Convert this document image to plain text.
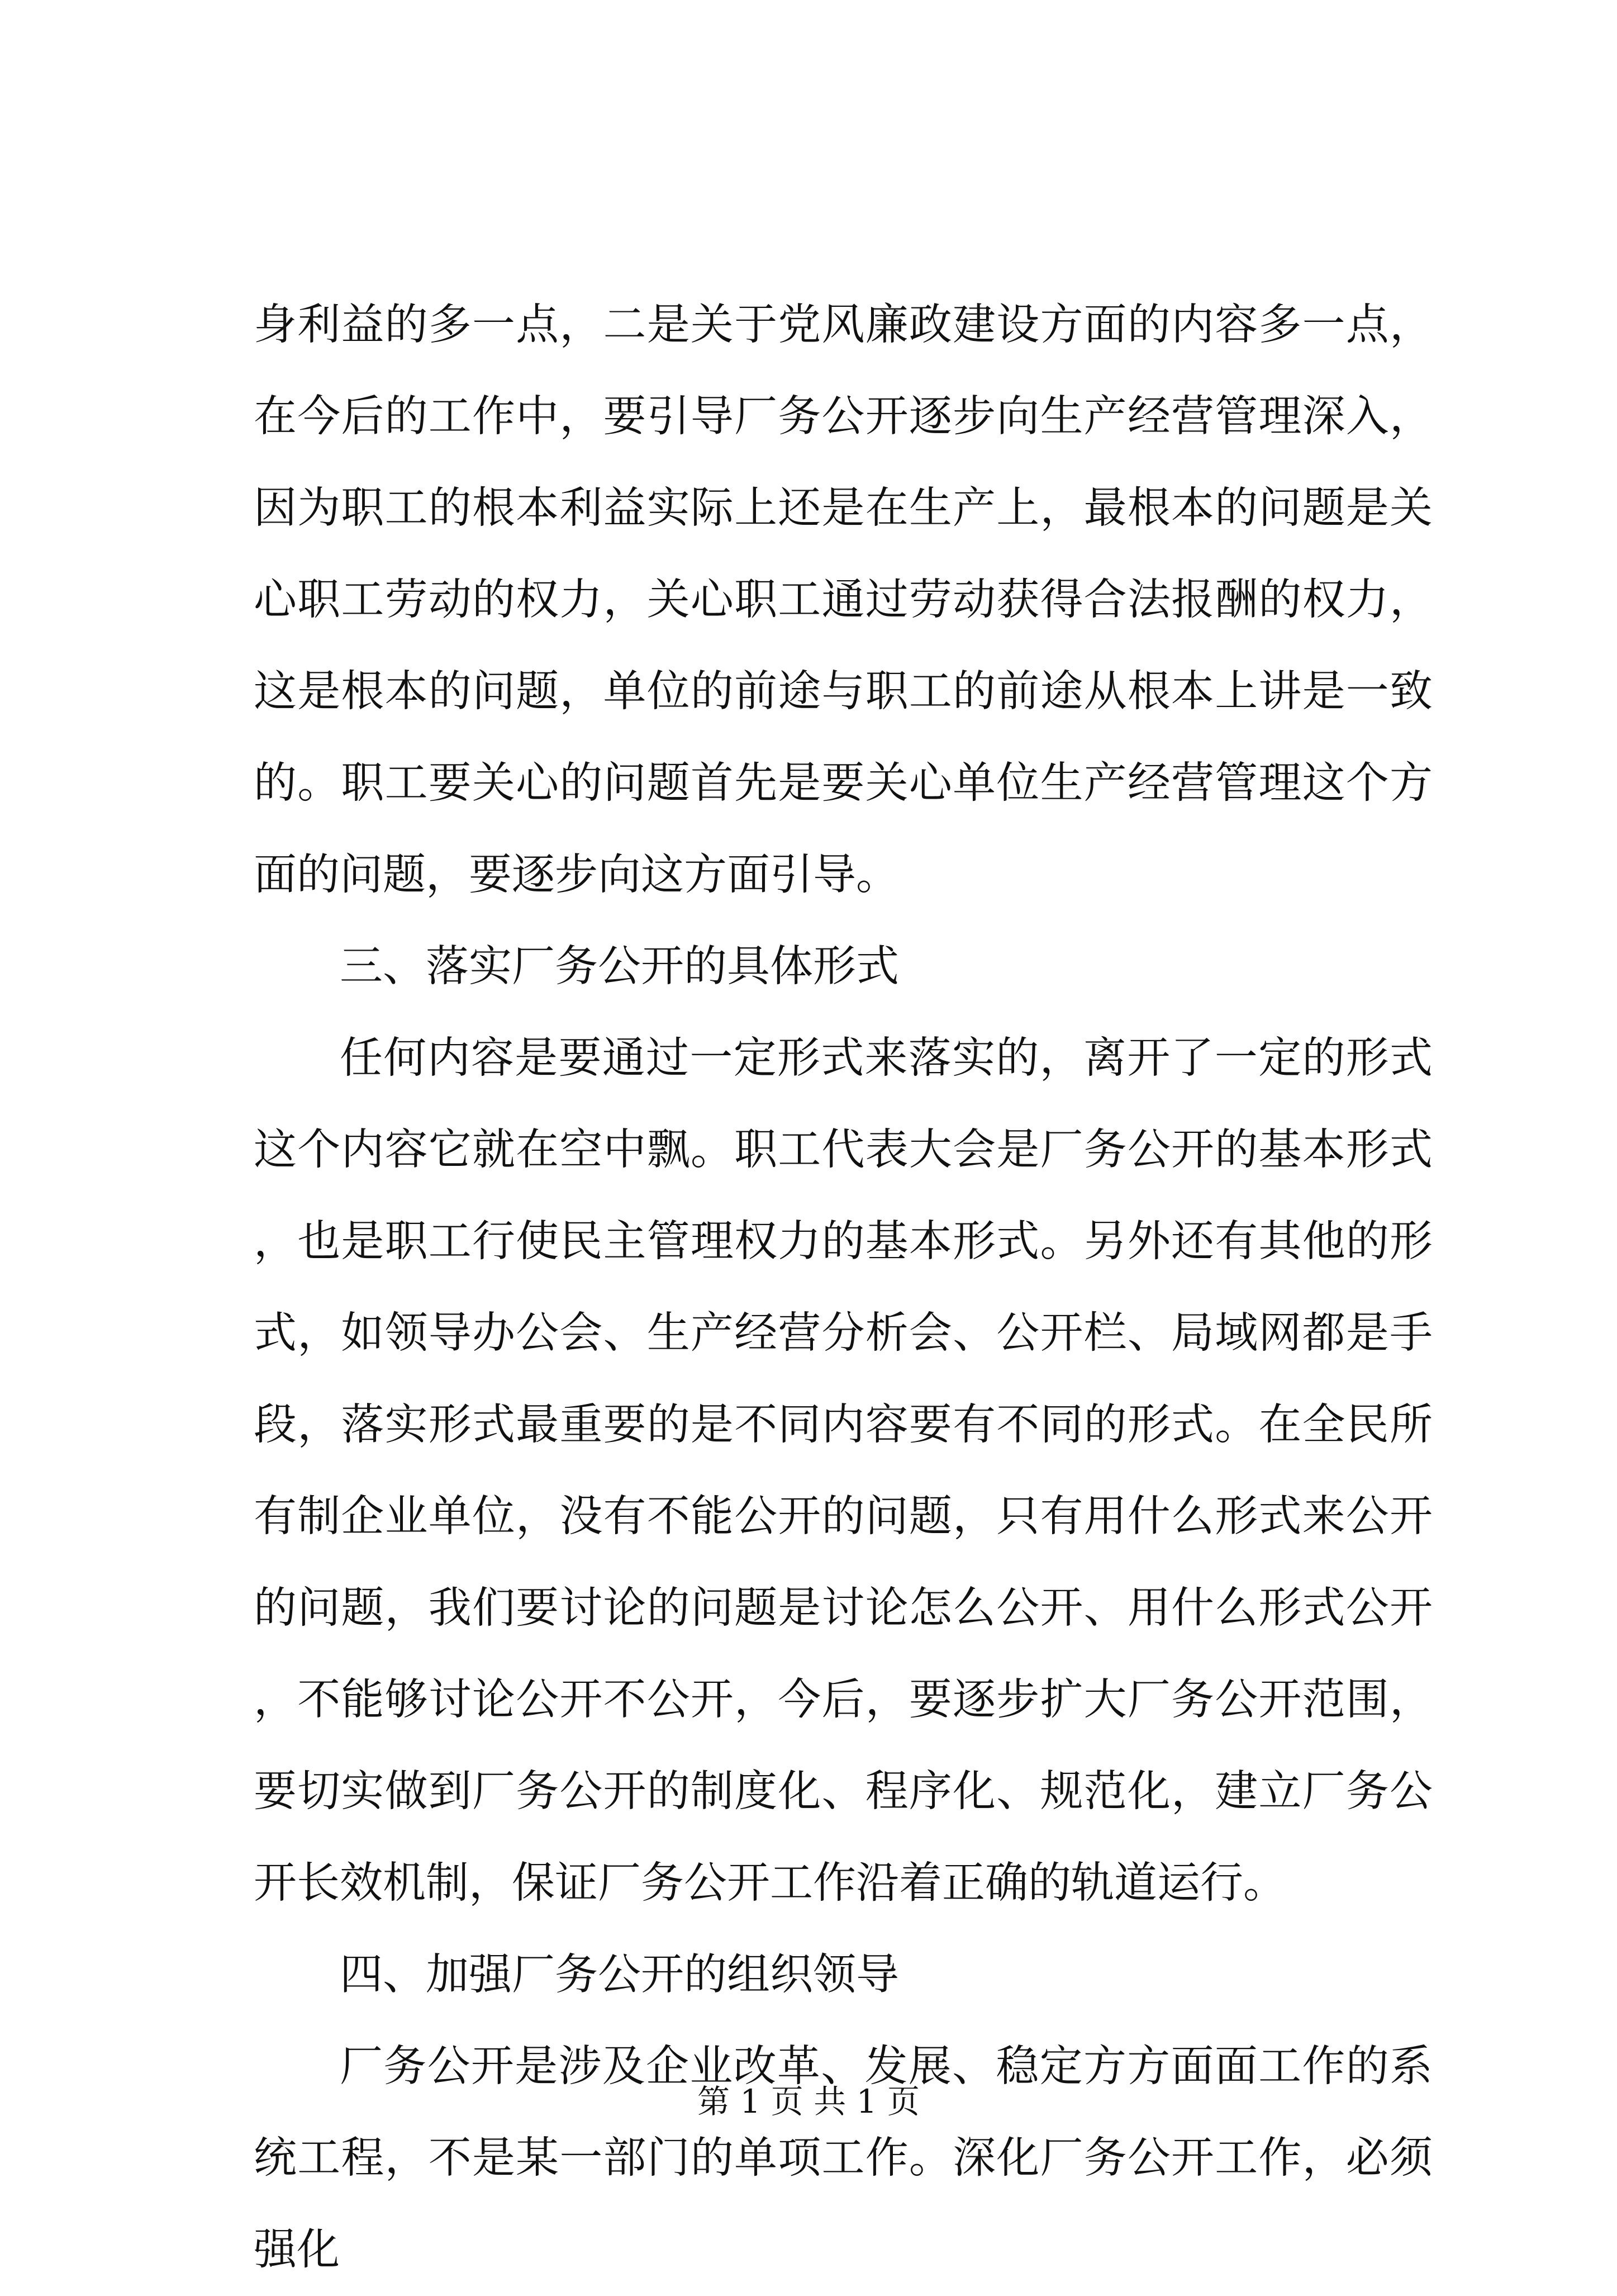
身利益的多一点，二是关于党风廉政建设方面的内容多一点，在今后的工作中，要引导厂务公开逐步向生产经营管理深入，因为职工的根本利益实际上还是在生产上，最根本的问题是关心职工劳动的权力，关心职工通过劳动获得合法报酬的权力，这是根本的问题，单位的前途与职工的前途从根本上讲是一致的。职工要关心的问题首先是要关心单位生产经营管理这个方面的问题，要逐步向这方面引导。

三、落实厂务公开的具体形式

任何内容是要通过一定形式来落实的，离开了一定的形式这个内容它就在空中飘。职工代表大会是厂务公开的基本形式，也是职工行使民主管理权力的基本形式。另外还有其他的形式，如领导办公会、生产经营分析会、公开栏、局域网都是手段，落实形式最重要的是不同内容要有不同的形式。在全民所有制企业单位，没有不能公开的问题，只有用什么形式来公开的问题，我们要讨论的问题是讨论怎么公开、用什么形式公开，不能够讨论公开不公开，今后，要逐步扩大厂务公开范围，要切实做到厂务公开的制度化、程序化、规范化，建立厂务公开长效机制，保证厂务公开工作沿着正确的轨道运行。

四、加强厂务公开的组织领导

厂务公开是涉及企业改革、发展、稳定方方面面工作的系统工程，不是某一部门的单项工作。深化厂务公开工作，必须强化

第 1 页 共 1 页
